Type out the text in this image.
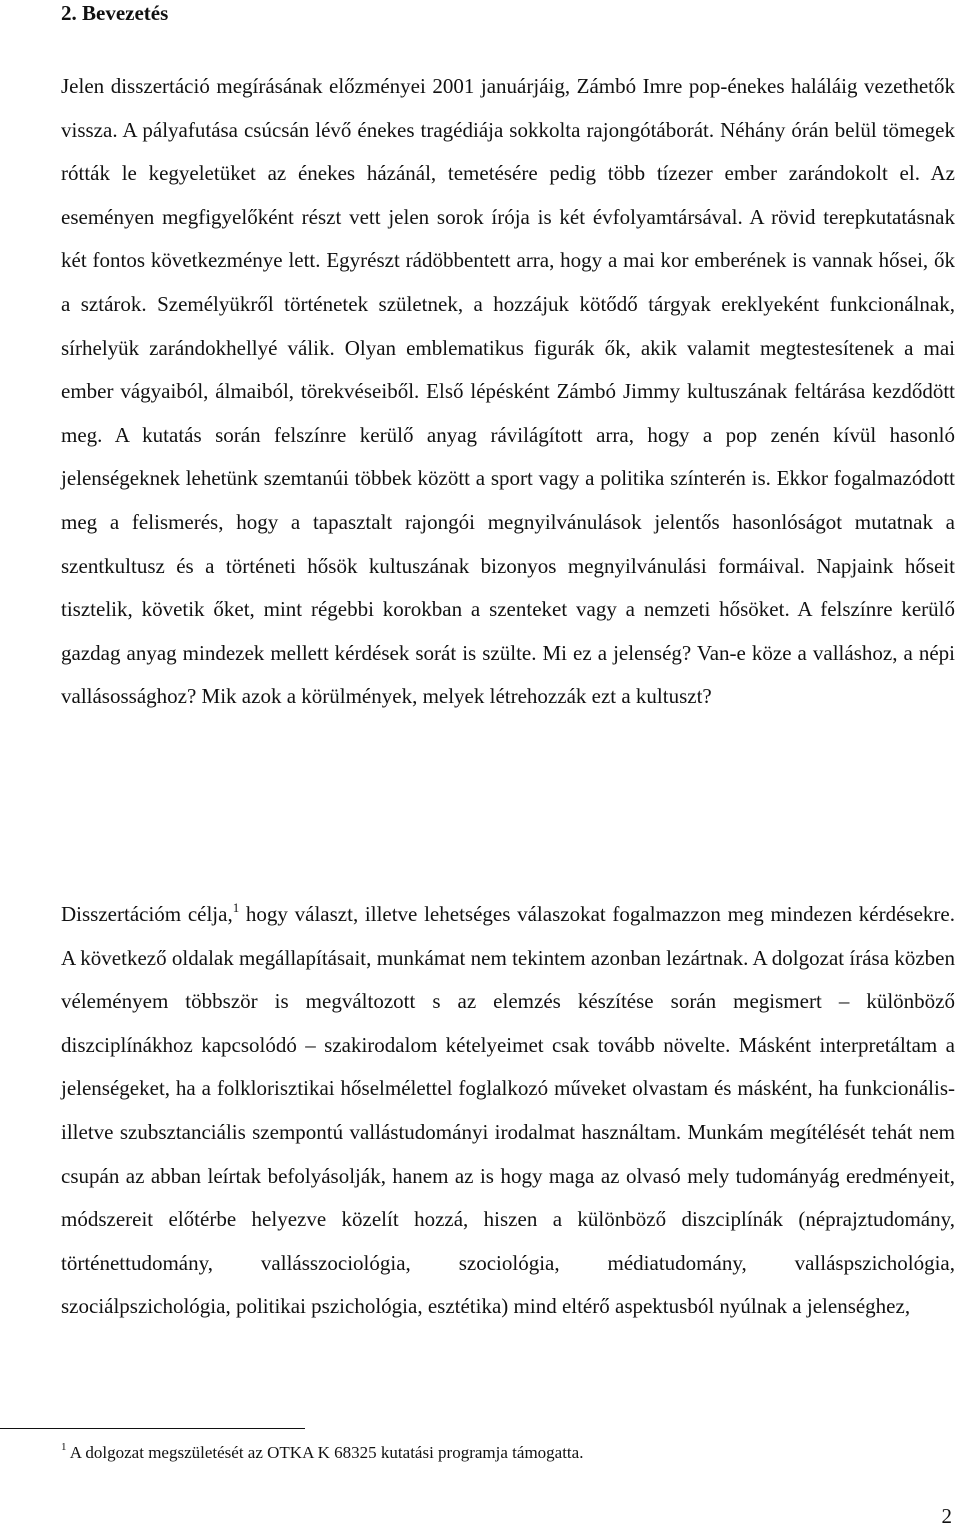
2. Bevezetés

Jelen disszertáció megírásának előzményei 2001 januárjáig, Zámbó Imre pop-énekes haláláig vezethetők vissza. A pályafutása csúcsán lévő énekes tragédiája sokkolta rajongótáborát. Néhány órán belül tömegek rótták le kegyeletüket az énekes házánál, temetésére pedig több tízezer ember zarándokolt el. Az eseményen megfigyelőként részt vett jelen sorok írója is két évfolyamtársával. A rövid terepkutatásnak két fontos következménye lett. Egyrészt rádöbbentett arra, hogy a mai kor emberének is vannak hősei, ők a sztárok. Személyükről történetek születnek, a hozzájuk kötődő tárgyak ereklyeként funkcionálnak, sírhelyük zarándokhellyé válik. Olyan emblematikus figurák ők, akik valamit megtestesítenek a mai ember vágyaiból, álmaiból, törekvéseiből. Első lépésként Zámbó Jimmy kultuszának feltárása kezdődött meg. A kutatás során felszínre kerülő anyag rávilágított arra, hogy a pop zenén kívül hasonló jelenségeknek lehetünk szemtanúi többek között a sport vagy a politika színterén is. Ekkor fogalmazódott meg a felismerés, hogy a tapasztalt rajongói megnyilvánulások jelentős hasonlóságot mutatnak a szentkultusz és a történeti hősök kultuszának bizonyos megnyilvánulási formáival. Napjaink hőseit tisztelik, követik őket, mint régebbi korokban a szenteket vagy a nemzeti hősöket. A felszínre kerülő gazdag anyag mindezek mellett kérdések sorát is szülte. Mi ez a jelenség? Van-e köze a valláshoz, a népi vallásossághoz? Mik azok a körülmények, melyek létrehozzák ezt a kultuszt?

Disszertációm célja,$^1$ hogy választ, illetve lehetséges válaszokat fogalmazzon meg mindezen kérdésekre. A következő oldalak megállapításait, munkámat nem tekintem azonban lezártnak. A dolgozat írása közben véleményem többször is megváltozott s az elemzés készítése során megismert – különböző diszciplínákhoz kapcsolódó – szakirodalom kételyeimet csak tovább növelte. Másként interpretáltam a jelenségeket, ha a folklorisztikai hőselmélettel foglalkozó műveket olvastam és másként, ha funkcionális- illetve szubsztanciális szempontú vallástudományi irodalmat használtam. Munkám megítélését tehát nem csupán az abban leírtak befolyásolják, hanem az is hogy maga az olvasó mely tudományág eredményeit, módszereit előtérbe helyezve közelít hozzá, hiszen a különböző diszciplínák (néprajztudomány, történettudomány, vallásszociológia, szociológia, médiatudomány, valláspszichológia, szociálpszichológia, politikai pszichológia, esztétika) mind eltérő aspektusból nyúlnak a jelenséghez,

$^1$ A dolgozat megszületését az OTKA K 68325 kutatási programja támogatta.

2
